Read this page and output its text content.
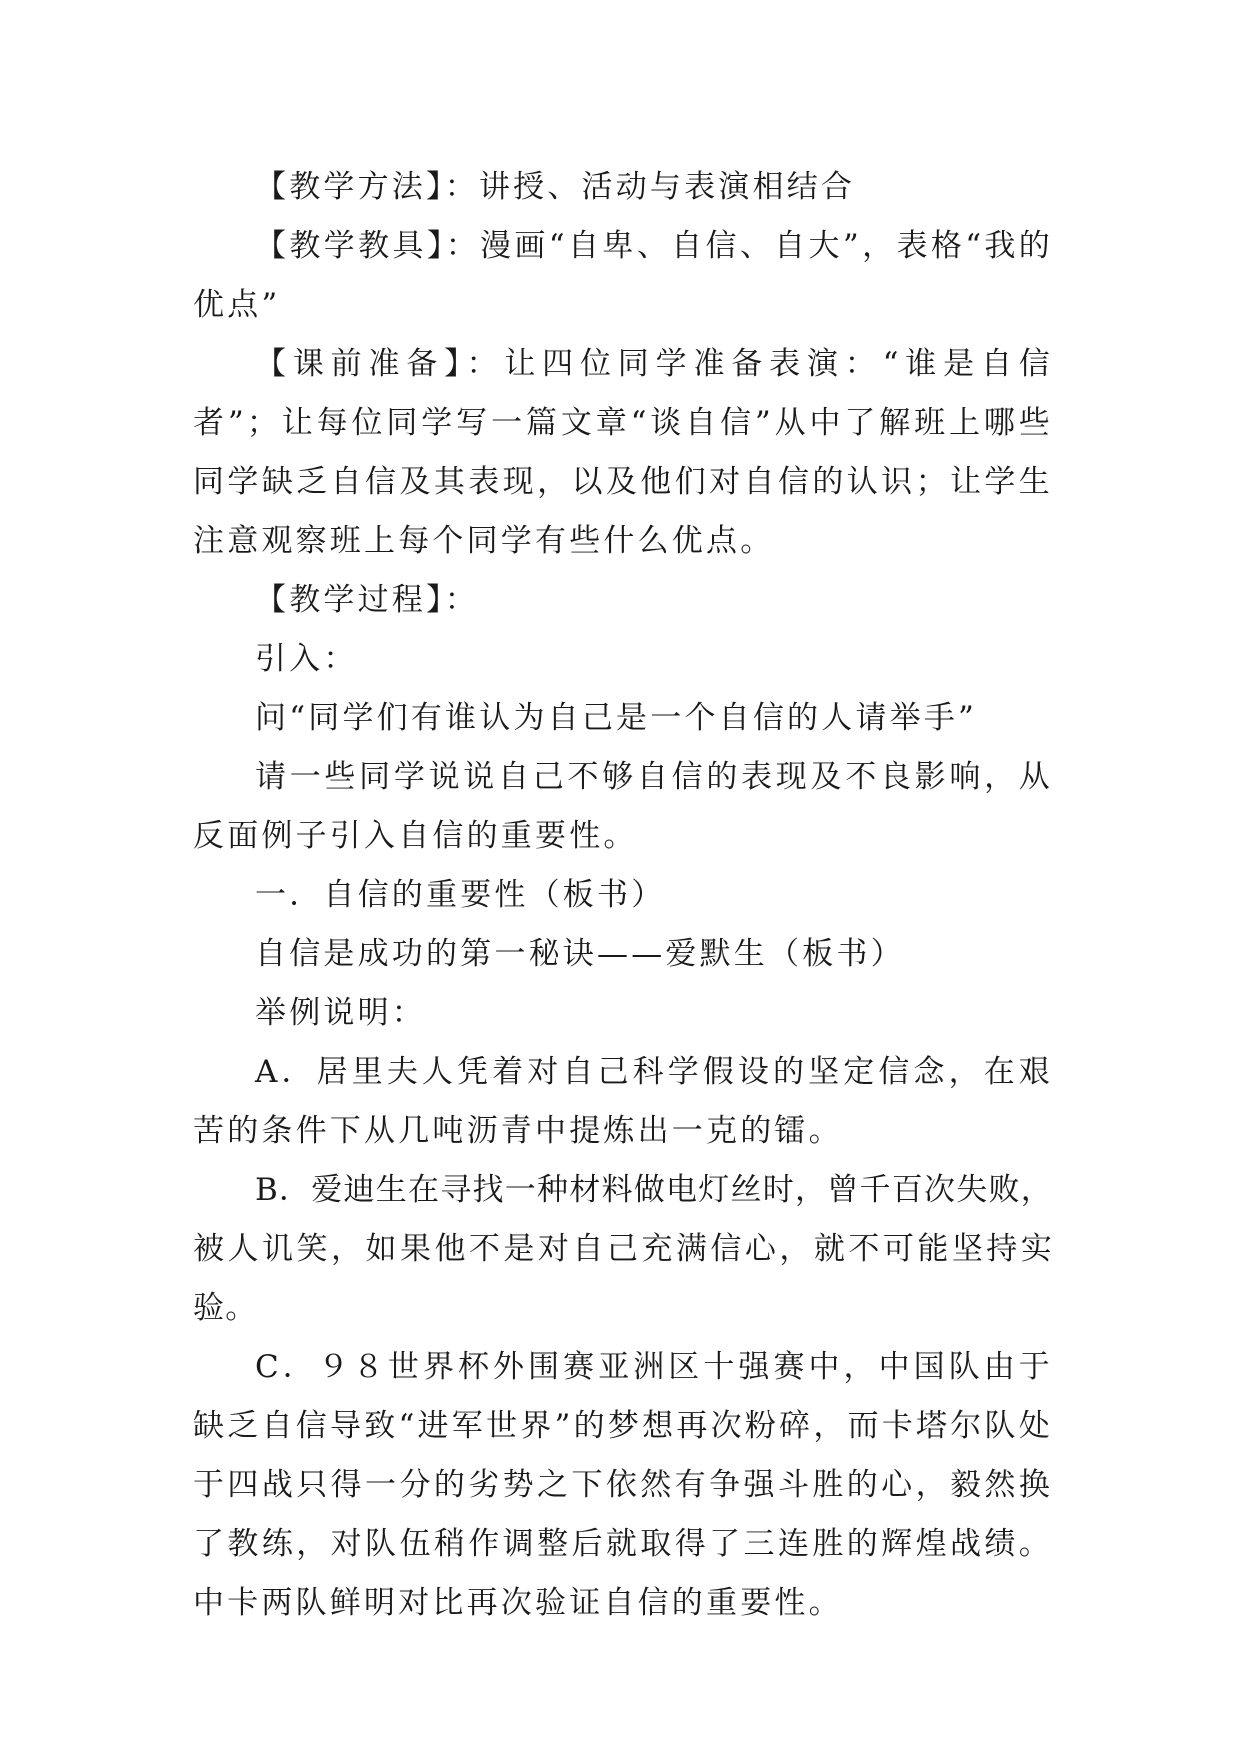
【教学方法】：讲授、活动与表演相结合

【教学教具】：漫画“自卑、自信、自大”，表格“我的优点”

【课前准备】：让四位同学准备表演：“谁是自信者”；让每位同学写一篇文章“谈自信”从中了解班上哪些同学缺乏自信及其表现，以及他们对自信的认识；让学生注意观察班上每个同学有些什么优点。

【教学过程】：

引入：

问“同学们有谁认为自己是一个自信的人请举手”

请一些同学说说自己不够自信的表现及不良影响，从反面例子引入自信的重要性。

一．自信的重要性（板书）

自信是成功的第一秘诀——爱默生（板书）

举例说明：

A．居里夫人凭着对自己科学假设的坚定信念，在艰苦的条件下从几吨沥青中提炼出一克的镭。

B．爱迪生在寻找一种材料做电灯丝时，曾千百次失败，被人讥笑，如果他不是对自己充满信心，就不可能坚持实验。

C．９８世界杯外围赛亚洲区十强赛中，中国队由于缺乏自信导致“进军世界”的梦想再次粉碎，而卡塔尔队处于四战只得一分的劣势之下依然有争强斗胜的心，毅然换了教练，对队伍稍作调整后就取得了三连胜的辉煌战绩。中卡两队鲜明对比再次验证自信的重要性。
